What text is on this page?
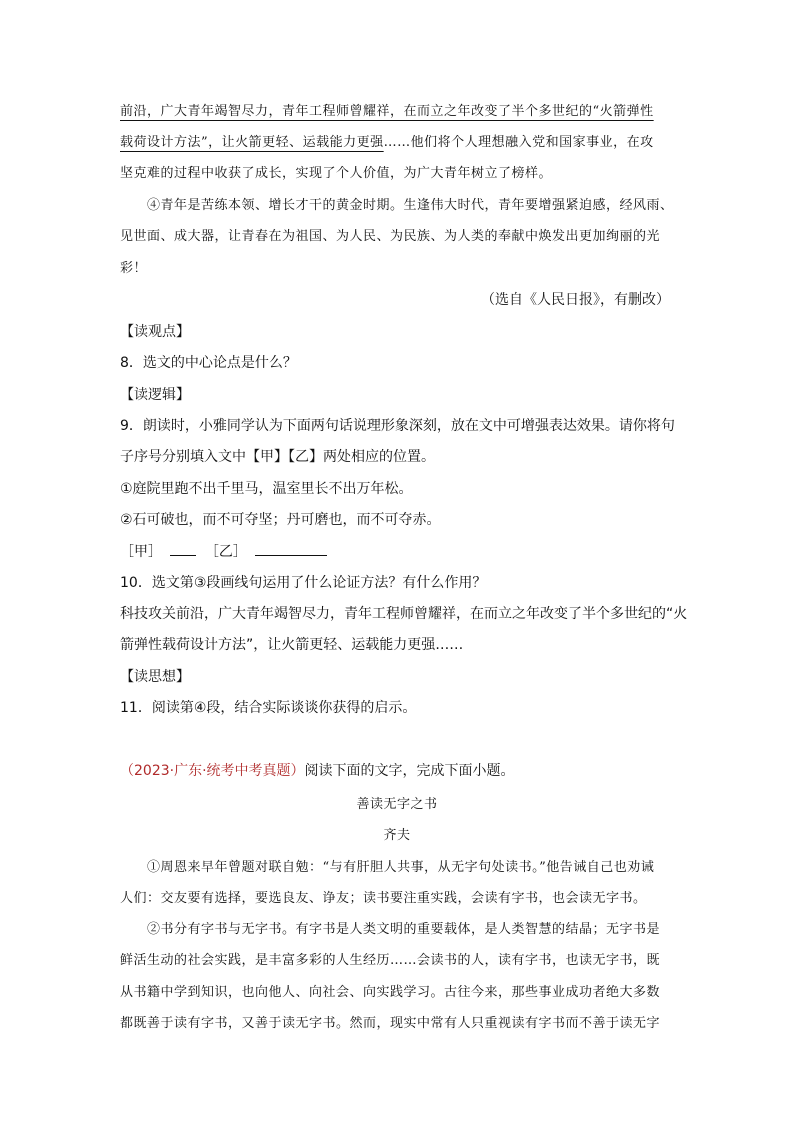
前沿，广大青年竭智尽力，青年工程师曾耀祥，在而立之年改变了半个多世纪的“火箭弹性
载荷设计方法”，让火箭更轻、运载能力更强……他们将个人理想融入党和国家事业，在攻
坚克难的过程中收获了成长，实现了个人价值，为广大青年树立了榜样。
④青年是苦练本领、增长才干的黄金时期。生逢伟大时代，青年要增强紧迫感，经风雨、
见世面、成大器，让青春在为祖国、为人民、为民族、为人类的奉献中焕发出更加绚丽的光
彩！
（选自《人民日报》，有删改）
【读观点】
8．选文的中心论点是什么？
【读逻辑】
9．朗读时，小雅同学认为下面两句话说理形象深刻，放在文中可增强表达效果。请你将句
子序号分别填入文中【甲】【乙】两处相应的位置。
①庭院里跑不出千里马，温室里长不出万年松。
②石可破也，而不可夺坚；丹可磨也，而不可夺赤。
［甲］	［乙］
10．选文第③段画线句运用了什么论证方法？有什么作用？
科技攻关前沿，广大青年竭智尽力，青年工程师曾耀祥，在而立之年改变了半个多世纪的“火
箭弹性载荷设计方法”，让火箭更轻、运载能力更强……
【读思想】
11．阅读第④段，结合实际谈谈你获得的启示。
（2023·广东·统考中考真题）阅读下面的文字，完成下面小题。
善读无字之书
齐夫
①周恩来早年曾题对联自勉：“与有肝胆人共事，从无字句处读书。”他告诫自己也劝诫
人们：交友要有选择，要选良友、诤友；读书要注重实践，会读有字书，也会读无字书。
②书分有字书与无字书。有字书是人类文明的重要载体，是人类智慧的结晶；无字书是
鲜活生动的社会实践，是丰富多彩的人生经历……会读书的人，读有字书，也读无字书，既
从书籍中学到知识，也向他人、向社会、向实践学习。古往今来，那些事业成功者绝大多数
都既善于读有字书，又善于读无字书。然而，现实中常有人只重视读有字书而不善于读无字
